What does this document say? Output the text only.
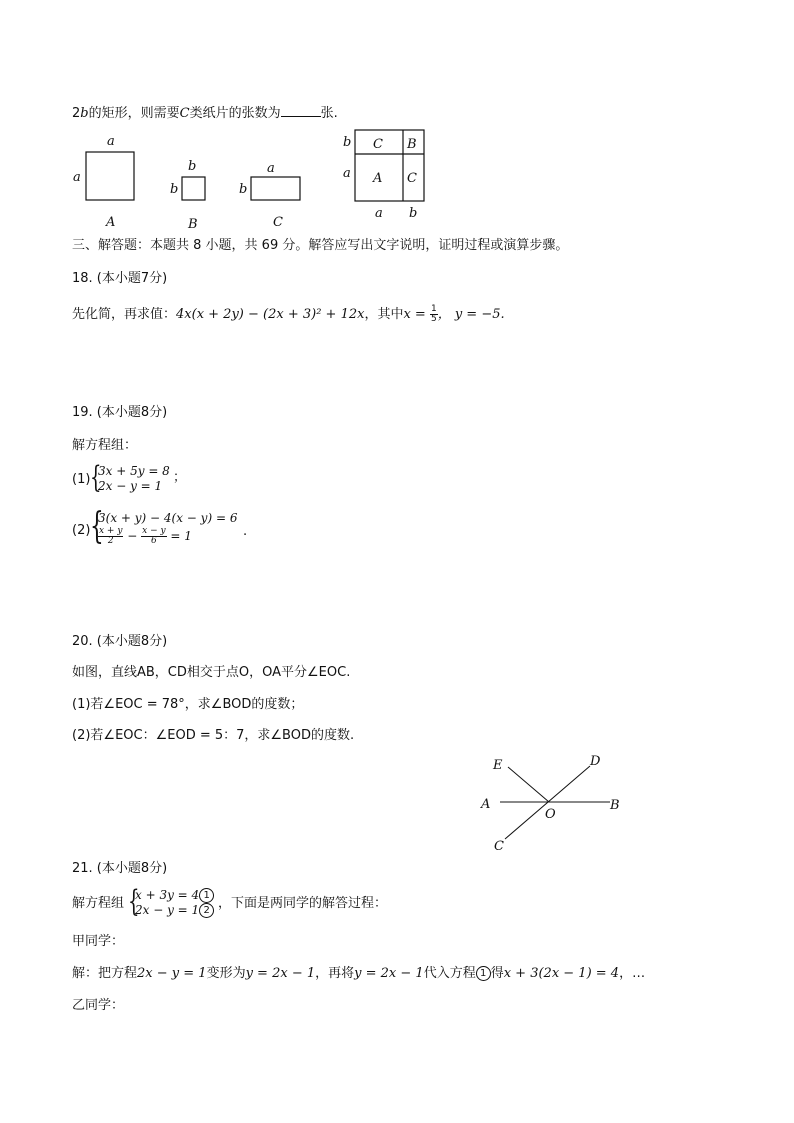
2b的矩形，则需要C类纸片的张数为	张.
a
a
A
b
b
B
a
b
C
C B
A C
b
a
a b
三、解答题：本题共 8 小题，共 69 分。解答应写出文字说明，证明过程或演算步骤。
18. (本小题7分)
先化简，再求值：4x(x + 2y) − (2x + 3)² + 12x，其中$x = \frac{1}{5}$ ， y = −5.
19. (本小题8分)
解方程组：
(1) {
3x + 5y = 8
2x − y = 1
；
(2) {
3(x + y) − 4(x − y) = 6
$\frac{x + y}{2} - \frac{x - y}{6} = 1$	.
20. (本小题8分)
如图，直线AB，CD相交于点O，OA平分∠EOC.
(1)若∠EOC = 78°，求∠BOD的度数；
(2)若∠EOC：∠EOD = 5：7，求∠BOD的度数.
E	D
A	B
O
C
21. (本小题8分)
解方程组 {
x + 3y = 4 1
2x − y = 1 2 ，下面是两同学的解答过程：
甲同学：
解：把方程2x − y = 1变形为y = 2x − 1，再将y = 2x − 1代入方程 1 得x + 3(2x − 1) = 4，…
乙同学：
